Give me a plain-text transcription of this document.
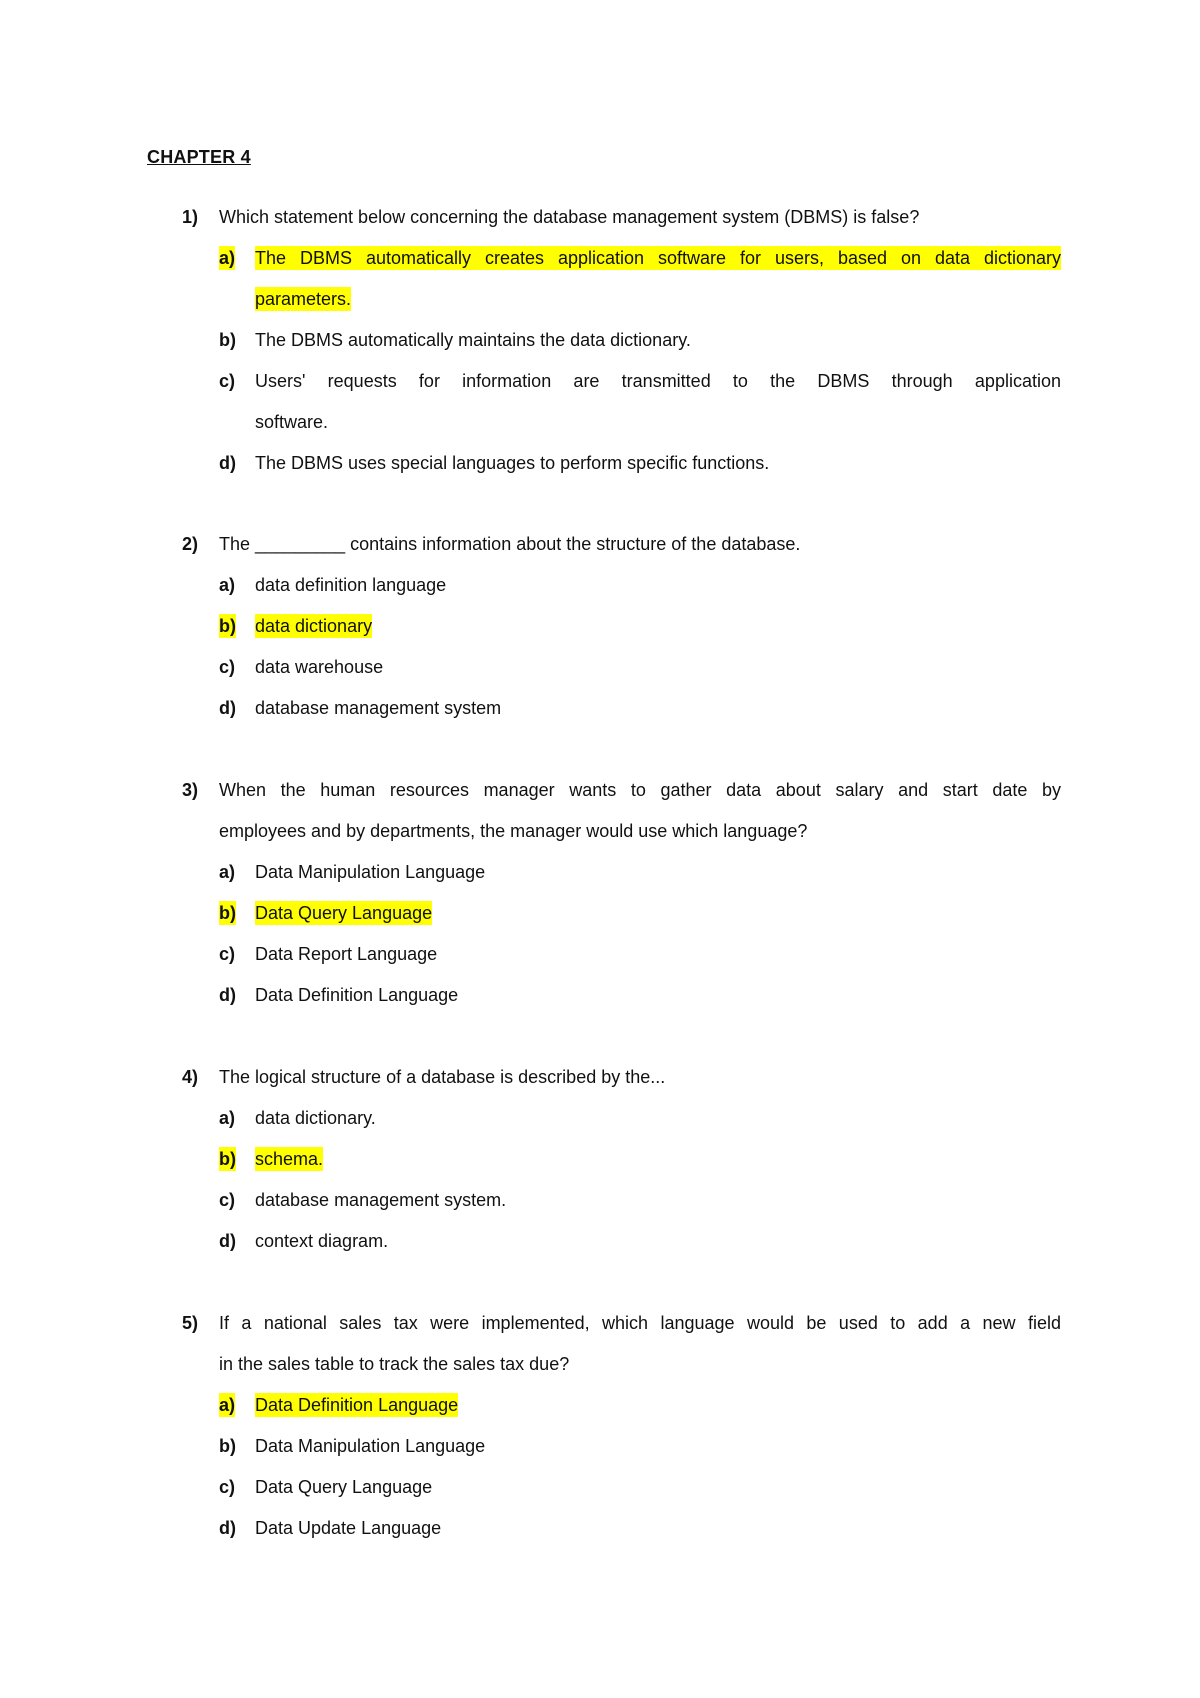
CHAPTER 4
1) Which statement below concerning the database management system (DBMS) is false?
a) The DBMS automatically creates application software for users, based on data dictionary
parameters.
b) The DBMS automatically maintains the data dictionary.
c) Users' requests for information are transmitted to the DBMS through application
software.
d) The DBMS uses special languages to perform specific functions.
2) The _________ contains information about the structure of the database.
a) data definition language
b) data dictionary
c) data warehouse
d) database management system
3) When the human resources manager wants to gather data about salary and start date by
employees and by departments, the manager would use which language?
a) Data Manipulation Language
b) Data Query Language
c) Data Report Language
d) Data Definition Language
4) The logical structure of a database is described by the...
a) data dictionary.
b) schema.
c) database management system.
d) context diagram.
5) If a national sales tax were implemented, which language would be used to add a new field
in the sales table to track the sales tax due?
a) Data Definition Language
b) Data Manipulation Language
c) Data Query Language
d) Data Update Language
